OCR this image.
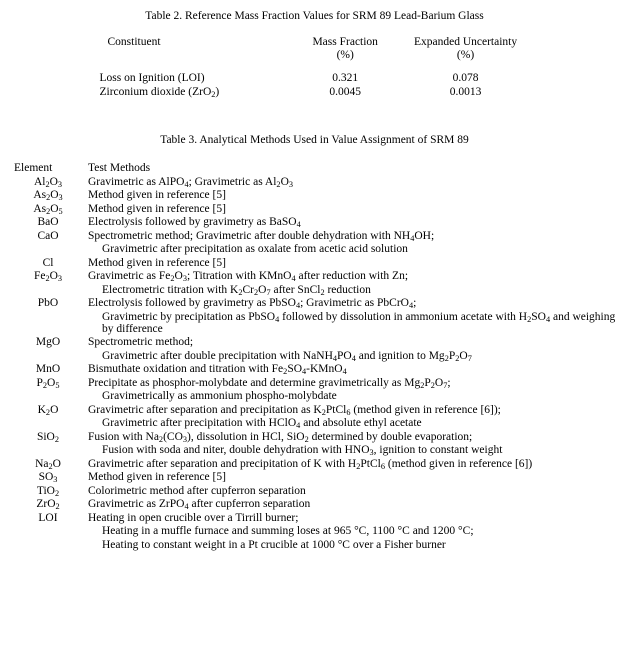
Table 2. Reference Mass Fraction Values for SRM 89 Lead-Barium Glass
Constituent	Mass Fraction	Expanded Uncertainty
	(%)	(%)
Loss on Ignition (LOI)	0.321	0.078
Zirconium dioxide (ZrO$_2$)	0.0045	0.0013
Table 3. Analytical Methods Used in Value Assignment of SRM 89
Element	Test Methods
$Al_2O_3$	Gravimetric as AlPO$_4$; Gravimetric as $Al_2O_3$
$As_2O_3$	Method given in reference [5]
$As_2O_5$	Method given in reference [5]
BaO	Electrolysis followed by gravimetry as BaSO$_4$
CaO	Spectrometric method; Gravimetric after double dehydration with $NH_4OH$;
	Gravimetric after precipitation as oxalate from acetic acid solution
Cl	Method given in reference [5]
$Fe_2O_3$	Gravimetric as $Fe_2O_3$; Titration with KMnO$_4$ after reduction with Zn;
	Electrometric titration with $K_2Cr_2O_7$ after SnCl$_2$ reduction
PbO	Electrolysis followed by gravimetry as PbSO$_4$; Gravimetric as PbCrO$_4$;
	Gravimetric by precipitation as PbSO$_4$ followed by dissolution in ammonium acetate with $H_2SO_4$ and weighing by difference
MgO	Spectrometric method;
	Gravimetric after double precipitation with $NaNH_4PO_4$ and ignition to $Mg_2P_2O_7$
MnO	Bismuthate oxidation and titration with $Fe_2SO_4-KMnO_4$
$P_2O_5$	Precipitate as phosphor-molybdate and determine gravimetrically as $Mg_2P_2O_7$;
	Gravimetrically as ammonium phospho-molybdate
$K_2O$	Gravimetric after separation and precipitation as $K_2PtCl_6$ (method given in reference [6]);
	Gravimetric after precipitation with HClO$_4$ and absolute ethyl acetate
SiO$_2$	Fusion with $Na_2(CO_3)$, dissolution in HCl, SiO$_2$ determined by double evaporation;
	Fusion with soda and niter, double dehydration with $HNO_3$, ignition to constant weight
$Na_2O$	Gravimetric after separation and precipitation of K with $H_2PtCl_6$ (method given in reference [6])
$SO_3$	Method given in reference [5]
TiO$_2$	Colorimetric method after cupferron separation
ZrO$_2$	Gravimetric as ZrPO$_4$ after cupferron separation
LOI	Heating in open crucible over a Tirrill burner;
	Heating in a muffle furnace and summing loses at 965 °C, 1100 °C and 1200 °C;
	Heating to constant weight in a Pt crucible at 1000 °C over a Fisher burner
